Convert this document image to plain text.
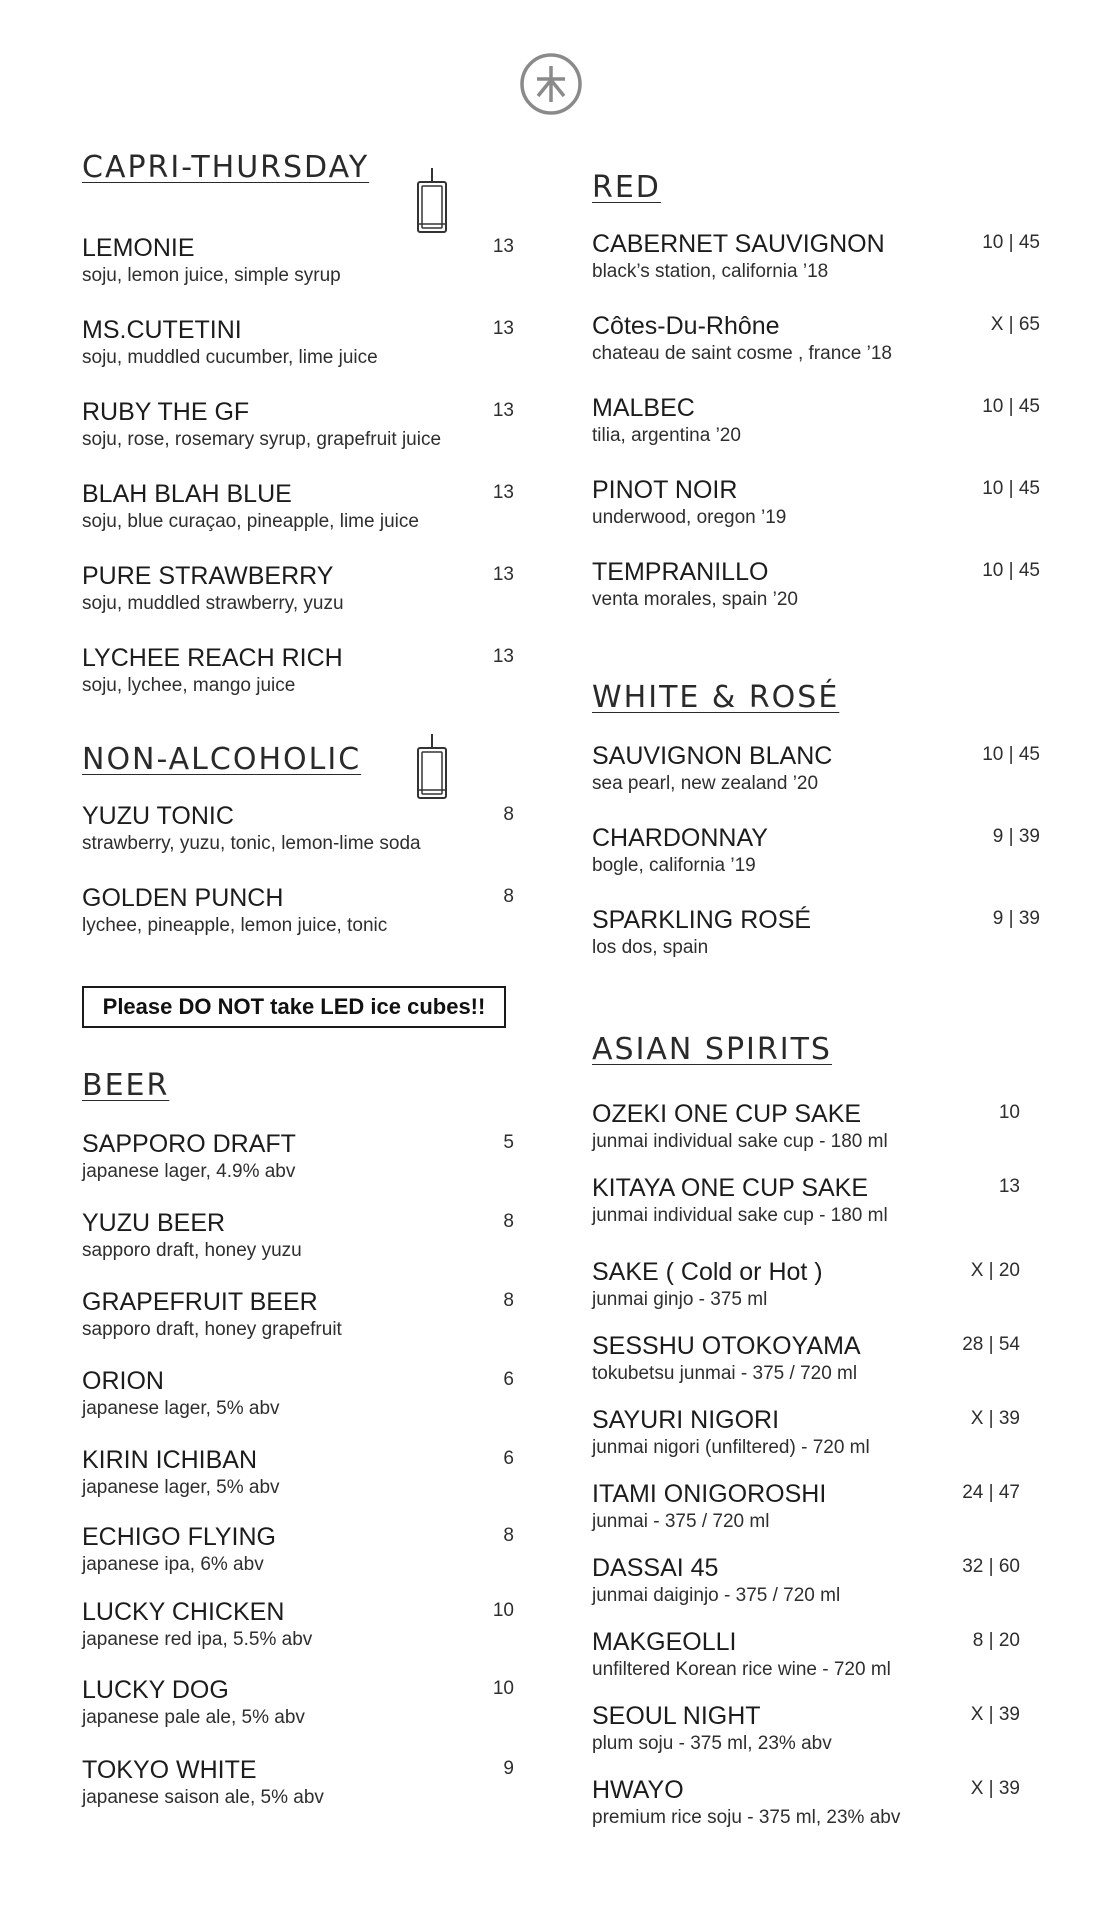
CAPRI-THURSDAY
LEMONIE
soju, lemon juice, simple syrup
13
MS.CUTETINI
soju, muddled cucumber, lime juice
13
RUBY THE GF
soju, rose, rosemary syrup, grapefruit juice
13
BLAH BLAH BLUE
soju, blue curaçao, pineapple, lime juice
13
PURE STRAWBERRY
soju, muddled strawberry, yuzu
13
LYCHEE REACH RICH
soju, lychee, mango juice
13
NON-ALCOHOLIC
YUZU TONIC
strawberry, yuzu, tonic, lemon-lime soda
8
GOLDEN PUNCH
lychee, pineapple, lemon juice, tonic
8
Please DO NOT take LED ice cubes!!
BEER
SAPPORO DRAFT
japanese lager, 4.9% abv
5
YUZU BEER
sapporo draft, honey yuzu
8
GRAPEFRUIT BEER
sapporo draft, honey grapefruit
8
ORION
japanese lager, 5% abv
6
KIRIN ICHIBAN
japanese lager, 5% abv
6
ECHIGO FLYING
japanese ipa, 6% abv
8
LUCKY CHICKEN
japanese red ipa, 5.5% abv
10
LUCKY DOG
japanese pale ale, 5% abv
10
TOKYO WHITE
japanese saison ale, 5% abv
9
RED
CABERNET SAUVIGNON
black’s station, california ’18
10 | 45
Côtes-Du-Rhône
chateau de saint cosme , france ’18
X | 65
MALBEC
tilia, argentina ’20
10 | 45
PINOT NOIR
underwood, oregon ’19
10 | 45
TEMPRANILLO
venta morales, spain ’20
10 | 45
WHITE & ROSÉ
SAUVIGNON BLANC
sea pearl, new zealand ’20
10 | 45
CHARDONNAY
bogle, california ’19
9 | 39
SPARKLING ROSÉ
los dos, spain
9 | 39
ASIAN SPIRITS
OZEKI ONE CUP SAKE
junmai individual sake cup - 180 ml
10
KITAYA ONE CUP SAKE
junmai individual sake cup - 180 ml
13
SAKE ( Cold or Hot )
junmai ginjo - 375 ml
X | 20
SESSHU OTOKOYAMA
tokubetsu junmai - 375 / 720 ml
28 | 54
SAYURI NIGORI
junmai nigori (unfiltered) - 720 ml
X | 39
ITAMI ONIGOROSHI
junmai - 375 / 720 ml
24 | 47
DASSAI 45
junmai daiginjo - 375 / 720 ml
32 | 60
MAKGEOLLI
unfiltered Korean rice wine - 720 ml
8 | 20
SEOUL NIGHT
plum soju - 375 ml, 23% abv
X | 39
HWAYO
premium rice soju - 375 ml, 23% abv
X | 39
